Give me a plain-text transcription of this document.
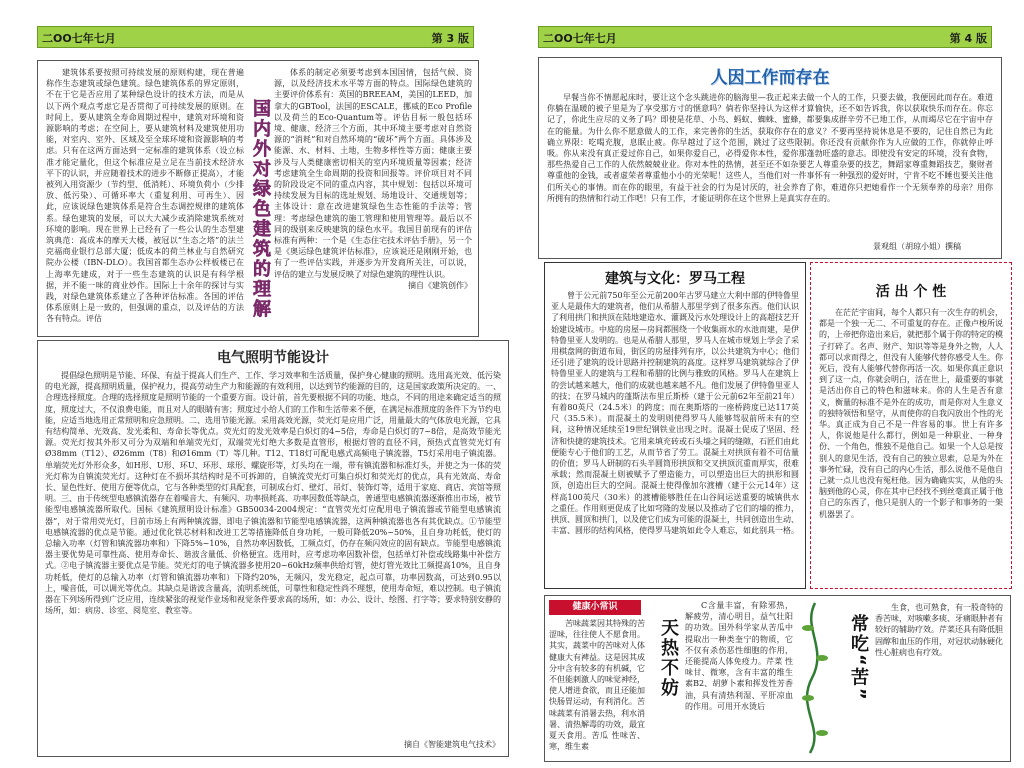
二OO七年七月	第 3 版

建筑体系要按照可持续发展的原则构建，现在普遍称作生态建筑或绿色建筑。绿色建筑体系的界定原则，不在于它是否应用了某种绿色设计的技术方法，而是从以下两个观点考虑它是否贯彻了可持续发展的原则。在时间上，要从建筑全寿命周期过程中，建筑对环境和资源影响的考虑；在空间上，要从建筑材料及建筑使用功能，对室内、室外、区域及至全球环境和资源影响的考虑。只有在这两方面达到一定标准的建筑体系（设立标准才能定量化，但这个标准应是立足在当前技术经济水平下的认识，并应随着技术的进步不断修正提高），才能被列入用资源少（节约型、低消耗）、环境负荷小（少排放、低污染）、可循环率大（重复利用、可再生）、因此，应该说绿色建筑体系是符合生态调控规律的建筑体系。绿色建筑的发展，可以大大减少或消除建筑系统对环境的影响。现在世界上已经有了一些公认的生态型建筑典范：高成本的摩天大楼，被冠以“生态之塔”的法兰克福商业银行总部大厦；低成本的荷兰林业与自然研究院办公楼（IBN-DLO）。我国首都生态办公样板楼已在上海率先建成，对于一些生态建筑的认识是有科学根据，并不能一味的商业炒作。国际上十余年的探讨与实践，对绿色建筑体系建立了各种评估标准。各国的评估体系原则上是一致的，但强调的重点，以及评估的方法各有特点。评估	国内外对绿色建筑的理解

体系的制定必须要考虑到本国国情，包括气候、资源，以及经济技术水平等方面的特点。国际绿色建筑的主要评价体系有：英国的BREEAM，美国的LEED，加拿大的GBTool，法国的ESCALE，挪威的Eco Profile以及荷兰的Eco-Quantum等。评估目标一般包括环境、健康、经济三个方面，其中环境主要考虑对自然资源的“消耗”和对自然环境的“破坏”两个方面。具体涉及能源、水、材料、土地，生物多样性等方面；健康主要涉及与人类健康密切相关的室内环境质量等因素；经济考虑建筑全生命周期的投资和回报等。评价项目对不同的阶段设定不同的重点内容，其中规划：包括以环境可持续发展为目标的选址规划、场地设计、交通规划等；主体设计：意在改进建筑绿色生态性能的手法等；管理：考虑绿色建筑的施工管理和使用管理等。最后以不同的级别来反映建筑的绿色水平。我国目前现有的评估标准有两种：一个是《生态住宅技术评估手册》，另一个是《奥运绿色建筑评估标准》，应该说还是刚刚开始，也有了一些评估实践，并逐步为开发商所关注，可以说，评估的建立与发展反映了对绿色建筑的理性认识。

摘自《建筑创作》
电气照明节能设计

提倡绿色照明是节能、环保、有益于提高人们生产、工作、学习效率和生活质量，保护身心健康的照明。选用高光效、低污染的电光源，提高照明质量，保护视力，提高劳动生产力和能源的有效利用，以达到节约能源的目的，这是国家政策所决定的。一、合理选择照度。合理的选择照度是照明节能的一个重要方面。设计前，首先要根据不同的功能、地点，不同的用途来确定适当的照度，照度过大，不仅浪费电能，而且对人的眼睛有害；照度过小给人们的工作和生活带来不便，在满足标准照度的条件下为节约电能，应适当地选用正常照明和应急照明。二、选用节能光源。采用高效光源，荧光灯是应用广泛，用量最大的气体放电光源，它具有结构简单、光效高、发光柔和、寿命长等优点。荧光灯的发光效率是白炽灯的4~5倍，寿命是白炽灯的7~8倍，是高效节能光源。荧光灯按其外形又可分为双端和单端荧光灯，双端荧光灯绝大多数是直管形，根据灯管的直径不同，预热式直管荧光灯有Ø38mm（T12）、Ø26mm（T8）和Ø16mm（T）等几种。T12、T18灯可配电感式高频电子镇流器，T5灯采用电子镇流器。单端荧光灯外形众多，如H形、U形、环U、环形、球形、螺旋形等，灯头均在一端，带有镇流器和标准灯头，并使之为一体的荧光灯称为自镇流荧光灯。这种灯在不损坏其结构时是不可拆卸的，自镇流荧光灯可集白炽灯和荧光灯的优点，具有光效高、寿命长、显色性好、使用方便等优点，它与各种类型的灯具配套，可制成台灯、壁灯、吊灯、装饰灯等，适用于家庭、商店、宾馆等照明。三、由于传统型电感镇流器存在着噪音大、有频闪、功率损耗高、功率因数低等缺点，普通型电感镇流器逐渐推出市场，被节能型电感镇流器所取代。国标《建筑照明设计标准》GB50034-2004规定：“直管荧光灯应配用电子镇流器或节能型电感镇流器”，对于常用荧光灯，目前市场上有两种镇流器，即电子镇流器和节能型电感镇流器，这两种镇流器也各有其优缺点。①节能型电感镇流器的优点是节能。通过优化铁芯材料和改进工艺等措施降低自身功耗，一般可降低20%~50%，且自身功耗低，使灯的总输入功率（灯管和镇流器功率和）下降5%~10%，自然功率因数低，工频点灯，仍存在频闪效应的固有缺点。节能型电感镇流器主要优势是可靠性高、使用寿命长、谐波含量低、价格便宜。选用时，应考虑功率因数补偿，包括单灯补偿或线路集中补偿方式。②电子镇流器主要优点是节能。荧光灯的电子镇流器多使用20~60kHz频率供给灯管，使灯管光效比工频提高10%，且自身功耗低，使灯的总输入功率（灯管和镇流器功率和）下降约20%，无频闪，发光稳定，起点可靠，功率因数高，可达到0.95以上，噪音低，可以调光等优点。其缺点是谐波含量高，流明系统低，可靠性和稳定性尚不理想，使用寿命短，难以控制。电子镇流器在下列场所得到广泛应用，连续紧张的视觉作业场和视觉条件要求高的场所，如：办公、设计、绘图、打字等；要求特别安静的场所，如：病房、诊室、阅览室、教室等。

摘自《智能建筑电气技术》
二OO七年七月	第 4 版
人因工作而存在

早餐当你不情愿起床时，要让这个念头跳进你的脑海里—我正起来去做一个人的工作，只要去做，我便因此而存在。难道你躺在温暖的被子里是为了享受那方寸的惬意吗？倘若你坚持认为这样才算愉快，还不如告诉我，你以获取快乐而存在。你忘记了，你此生应尽的义务了吗？即使是花草、小鸟、蚂蚁、蜘蛛、蜜蜂，都要集成群辛劳不已地工作，从而竭尽它在宇宙中存在的能量。为什么你不愿意做人的工作，来完善你的生活，获取你存在的意义？不要再坚持说休息是不要的，记住自然已为此确立界限：吃喝充腹，息眠止疲。你早越过了这个范围，跳过了这些限制。你还没有贡献你作为人应做的工作，你就停止呼吸。你从来没有真正爱过你自己，如果你爱自己，必得爱你本性，爱你那蓬勃旺盛的意志。即使没有安定的环境，没有食物，那些热爱自己工作的人依然兢兢业业。你对本性的热情，甚至还不如杂要艺人尊重杂要的技艺，舞蹈家尊重舞蹈技艺，聚财者尊重他的金钱，或者虚荣者尊重他小小的光荣呢！这些人，当他们对一件事怀有一种强烈的爱好时，宁肯不吃不睡也要关注他们所关心的事情。而在你的眼里，有益于社会的行为是讨厌的，社会养育了你，难道你只把她看作一个无须奉养的母亲？用你所拥有的热情和行动工作吧！只有工作，才能证明你在这个世界上是真实存在的。

景观组（胡琼小姐）撰稿
建筑与文化：罗马工程

曾于公元前750年至公元前200年古罗马建立大利中部的伊特鲁里亚人是最伟大的建筑者，他们从希腊人那里学到了很多东西。他们认识了利用拱门和拱顶在陆地建造水、灌溉及污水处理设计上的高超技艺开始建设城市。中庭的房屋—房间都围绕一个收集雨水的水池而建，是伊特鲁里亚人发明的。也是从希腊人那里，罗马人在城市规划上学会了采用棋盘网的街道布局，街区的房屋排列有序，以公共建筑为中心；他们还引进了建筑的设计思路并控制建筑的高度。这样罗马建筑就综合了伊特鲁里亚人的建筑与工程和希腊的比例与雅致的风格。罗马人在建筑上的尝试越来越大，他们的成就也越来越不凡。他们发展了伊特鲁里亚人的技；在罗马城内的蓬斯法布里丘斯桥（建于公元前62年至前21年）有着80英尺（24.5米）的跨度；而在奥斯塔的一座桥跨度已达117英尺（35.5米）。而混凝土的发明则使得罗马人能够驾驭前所未有的空间，这种情况延续至19世纪钢铁业出现之时。混凝土促成了坚固、经济和快捷的建筑技术。它用来填充砖或石头墙之间的缝隙，石匠们由此便能专心于他们的工艺，从而节省了劳工。混凝土对拱顶有着不可估量的价值；罗马人研制的石头半圆筒形拱顶和交叉拱顶沉重而厚实，很难承载；然而混凝土则被赋予了塑造能力，可以塑造出巨大的拱形和圆顶，创造出巨大的空间。混凝土使得像加尔渡槽（建于公元14年）这样高100英尺（30米）的渡槽能够胜任在山谷间运送重要的城镇供水之重任。作用则更促成了比如穹隆的发展以及推动了它们的墙的推力，拱顶、圆顶和拱门，以及使它们成为可能的混凝土，共同创造出生动、丰富、圆形的结构风格，使得罗马建筑如此令人难忘，如此别具一格。

活 出 个 性

在茫茫宇宙间，每个人都只有一次生存的机会，都是一个独一无二、不可重复的存在。正像卢梭所说的，上帝把你造出来后，就把那个属于你的特定的模子打碎了。名声、财产、知识等等是身外之物，人人都可以求而得之，但没有人能够代替你感受人生。你死后，没有人能够代替你再活一次。如果你真正意识到了这一点，你就会明白，活在世上，最重要的事就是活出你自己的特色和滋味来。你的人生是否有意义，衡量的标准不是外在的成功，而是你对人生意义的独特领悟和坚守，从而使你的自我闪放出个性的光华。真正成为自己不是一件容易的事。世上有许多人，你说他是什么都行，例如是一种职业、一种身份、一个角色，惟独不是他自己。如果一个人总是按别人的意见生活，没有自己的独立思索，总是为外在事务忙碌，没有自己的内心生活，那么说他不是他自己就一点儿也没有冤枉他。因为确确实实，从他的头脑到他的心灵，你在其中已经找不到丝毫真正属于他自己的东西了，他只是别人的一个影子和事务的一架机器罢了。

健康小常识

苦味蔬菜因其特殊的苦涩味，往往使人不愿食用。其实，蔬菜中的苦味对人体健康大有裨益。这是因其成分中含有较多的有机碱，它不但能刺激人的味觉神经，使人增进食欲，而且还能加快肠胃运动，有利消化。苦味蔬菜有消暑去热，利水消暑、清热解毒的功效，最宜夏天食用。苦瓜 性味苦、寒，维生素

天热不妨

C含量丰富，有除邪热，解疲劳，清心明目，益气壮阳的功效。国外科学家从苦瓜中提取出一种类奎宁的物质，它不仅有杀伤恶性细胞的作用，还能提高人体免疫力。芹菜 性味甘、微寒，含有丰富的维生素B2、胡萝卜素和挥发性芳香油，具有清热利湿、平肝凉血的作用。可用开水烫后

常吃“苦”

生食，也可熟食，有一股奇特的香苦味，对咳嗽多痰、牙痛眼肿者有较好的辅助疗效。芹菜还具有降低胆固醇和血压的作用，对冠状动脉硬化性心脏病也有疗效。
